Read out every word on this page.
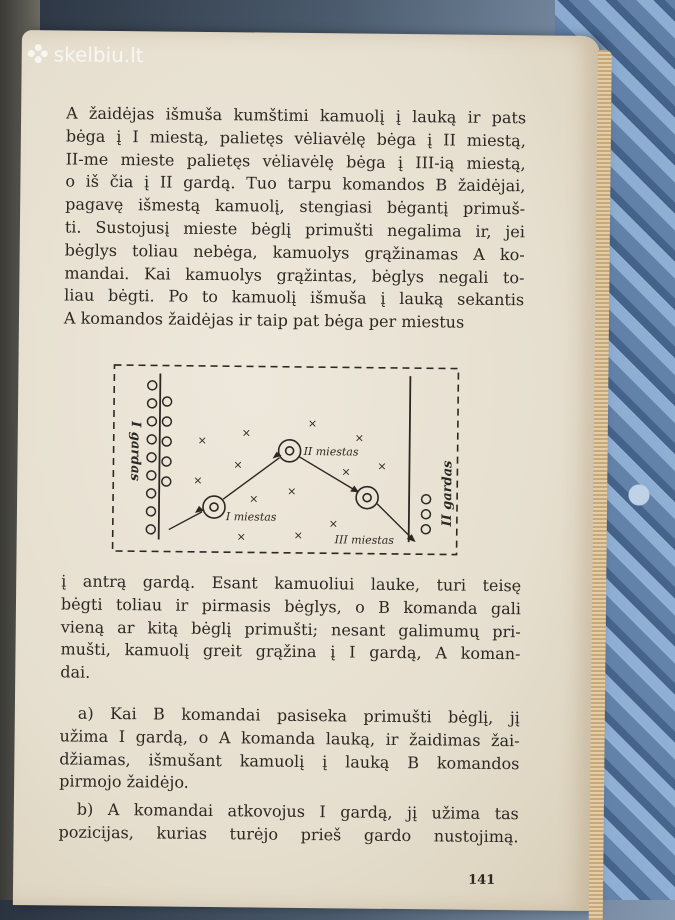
skelbiu.lt
A žaidėjas išmuša kumštimi kamuolį į lauką ir pats
bėga į I miestą, palietęs vėliavėlę bėga į II miestą,
II-me mieste palietęs vėliavėlę bėga į III-ią miestą,
o iš čia į II gardą. Tuo tarpu komandos B žaidėjai,
pagavę išmestą kamuolį, stengiasi bėgantį primuš-
ti. Sustojusį mieste bėglį primušti negalima ir, jei
bėglys toliau nebėga, kamuolys grąžinamas A ko-
mandai. Kai kamuolys grąžintas, bėglys negali to-
liau bėgti. Po to kamuolį išmuša į lauką sekantis
A komandos žaidėjas ir taip pat bėga per miestus
×
×
×
×
×
×
×
×
× ×
×	×
×
I miestas
II miestas
III miestas
I gardas
II gardas
į antrą gardą. Esant kamuoliui lauke, turi teisę
bėgti toliau ir pirmasis bėglys, o B komanda gali
vieną ar kitą bėglį primušti; nesant galimumų pri-
mušti, kamuolį greit grąžina į I gardą, A koman-
dai.
a) Kai B komandai pasiseka primušti bėglį, jį
užima I gardą, o A komanda lauką, ir žaidimas žai-
džiamas, išmušant kamuolį į lauką B komandos
pirmojo žaidėjo.
b) A komandai atkovojus I gardą, jį užima tas
pozicijas, kurias turėjo prieš gardo nustojimą.
141
